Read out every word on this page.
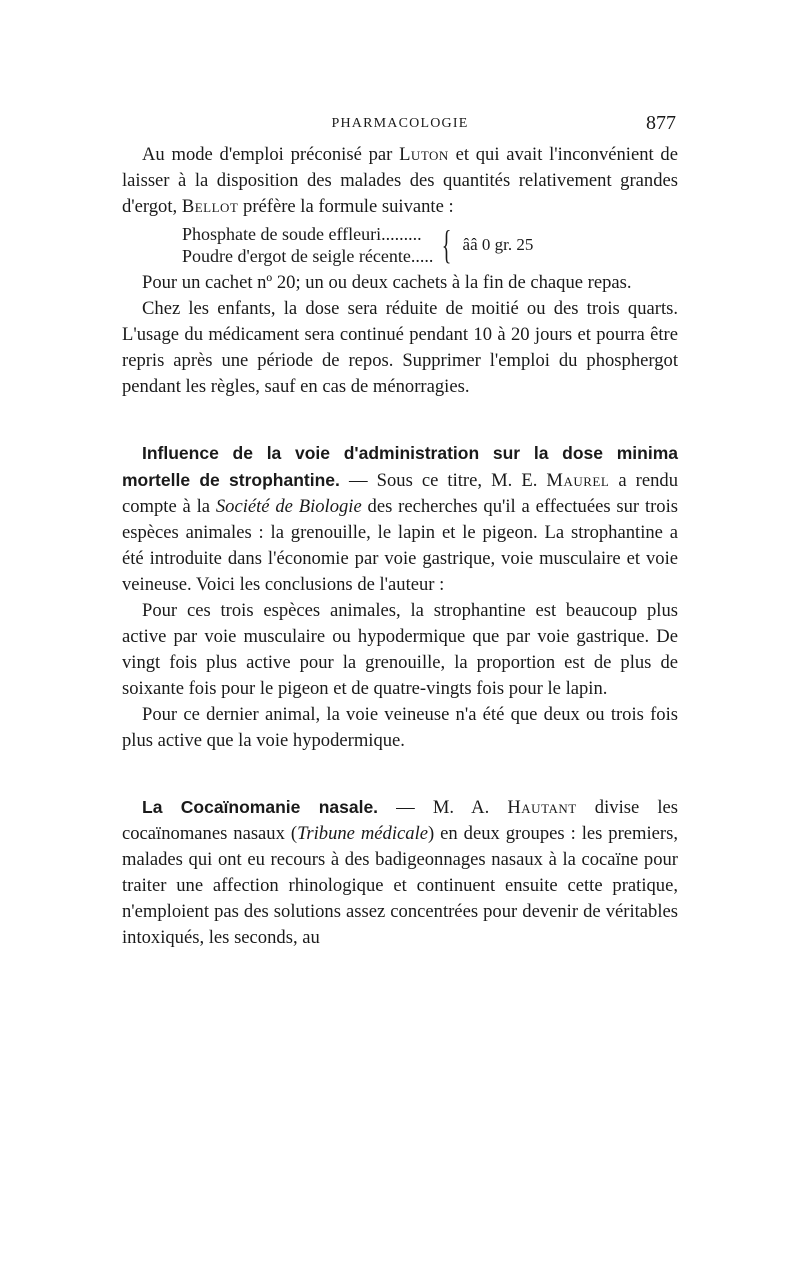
PHARMACOLOGIE	877

Au mode d'emploi préconisé par Luton et qui avait l'inconvénient de laisser à la disposition des malades des quantités relativement grandes d'ergot, Bellot préfère la formule suivante :

Phosphate de soude effleuri.........
Poudre d'ergot de seigle récente..... { ââ 0 gr. 25

Pour un cachet nº 20; un ou deux cachets à la fin de chaque repas.

Chez les enfants, la dose sera réduite de moitié ou des trois quarts. L'usage du médicament sera continué pendant 10 à 20 jours et pourra être repris après une période de repos. Supprimer l'emploi du phosphergot pendant les règles, sauf en cas de ménorragies.

Influence de la voie d'administration sur la dose minima mortelle de strophantine. — Sous ce titre, M. E. Maurel a rendu compte à la Société de Biologie des recherches qu'il a effectuées sur trois espèces animales : la grenouille, le lapin et le pigeon. La strophantine a été introduite dans l'économie par voie gastrique, voie musculaire et voie veineuse. Voici les conclusions de l'auteur :

Pour ces trois espèces animales, la strophantine est beaucoup plus active par voie musculaire ou hypodermique que par voie gastrique. De vingt fois plus active pour la grenouille, la proportion est de plus de soixante fois pour le pigeon et de quatre-vingts fois pour le lapin.

Pour ce dernier animal, la voie veineuse n'a été que deux ou trois fois plus active que la voie hypodermique.

La Cocaïnomanie nasale. — M. A. Hautant divise les cocaïnomanes nasaux (Tribune médicale) en deux groupes : les premiers, malades qui ont eu recours à des badigeonnages nasaux à la cocaïne pour traiter une affection rhinologique et continuent ensuite cette pratique, n'emploient pas des solutions assez concentrées pour devenir de véritables intoxiqués, les seconds, au
